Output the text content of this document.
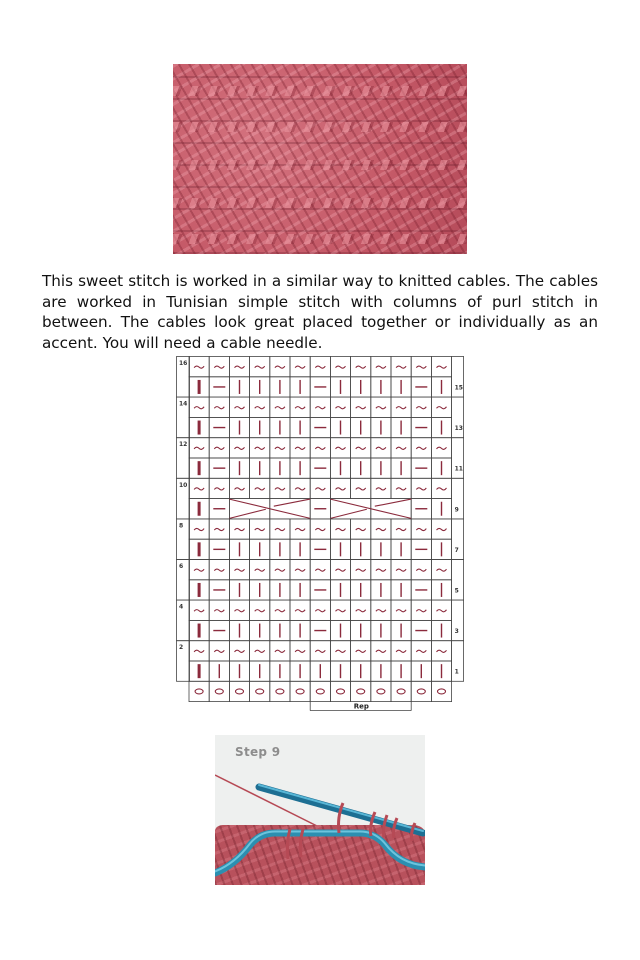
This sweet stitch is worked in a similar way to knitted cables. The cables are worked in Tunisian simple stitch with columns of purl stitch in between. The cables look great placed together or individually as an accent. You will need a cable needle.

16
15
14
13
12
11
10
9
8
7
6
5
4
3
2
1
Rep
Step 9
